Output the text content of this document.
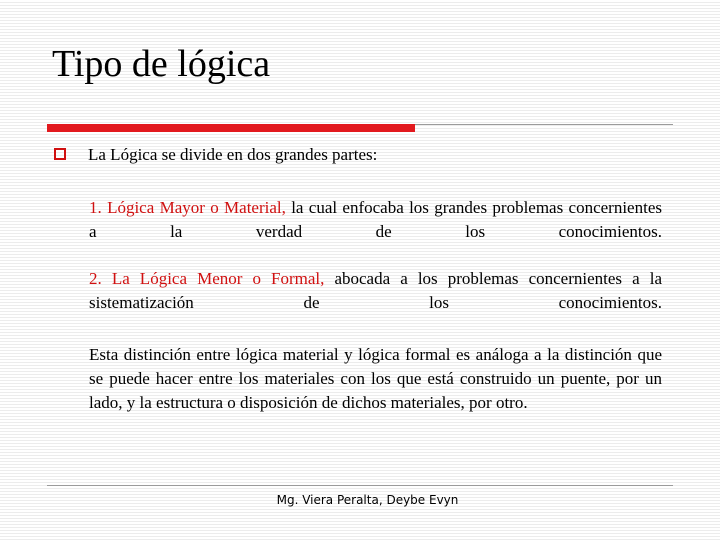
Tipo de lógica
La Lógica se divide en dos grandes partes:

1. Lógica Mayor o Material, la cual enfocaba los grandes problemas concernientes a la verdad de los conocimientos.

2. La Lógica Menor o Formal, abocada a los problemas concernientes a la sistematización de los conocimientos.

Esta distinción entre lógica material y lógica formal es análoga a la distinción que se puede hacer entre los materiales con los que está construido un puente, por un lado, y la estructura o disposición de dichos materiales, por otro.

Mg. Viera Peralta, Deybe Evyn
